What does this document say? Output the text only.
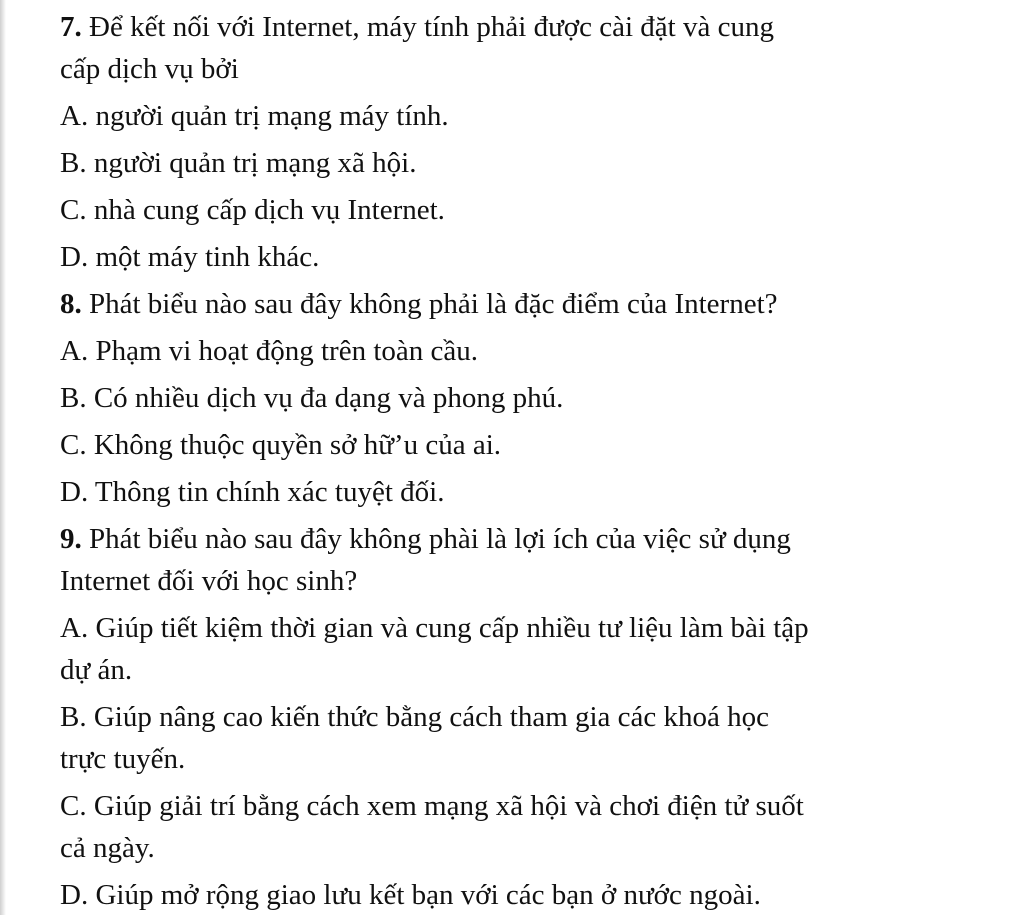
7. Để kết nối với Internet, máy tính phải được cài đặt và cung
cấp dịch vụ bởi
A. người quản trị mạng máy tính.
B. người quản trị mạng xã hội.
C. nhà cung cấp dịch vụ Internet.
D. một máy tinh khác.
8. Phát biểu nào sau đây không phải là đặc điểm của Internet?
A. Phạm vi hoạt động trên toàn cầu.
B. Có nhiều dịch vụ đa dạng và phong phú.
C. Không thuộc quyền sở hữ’u của ai.
D. Thông tin chính xác tuyệt đối.
9. Phát biểu nào sau đây không phài là lợi ích của việc sử dụng
Internet đối với học sinh?
A. Giúp tiết kiệm thời gian và cung cấp nhiều tư liệu làm bài tập
dự án.
B. Giúp nâng cao kiến thức bằng cách tham gia các khoá học
trực tuyến.
C. Giúp giải trí bằng cách xem mạng xã hội và chơi điện tử suốt
cả ngày.
D. Giúp mở rộng giao lưu kết bạn với các bạn ở nước ngoài.
